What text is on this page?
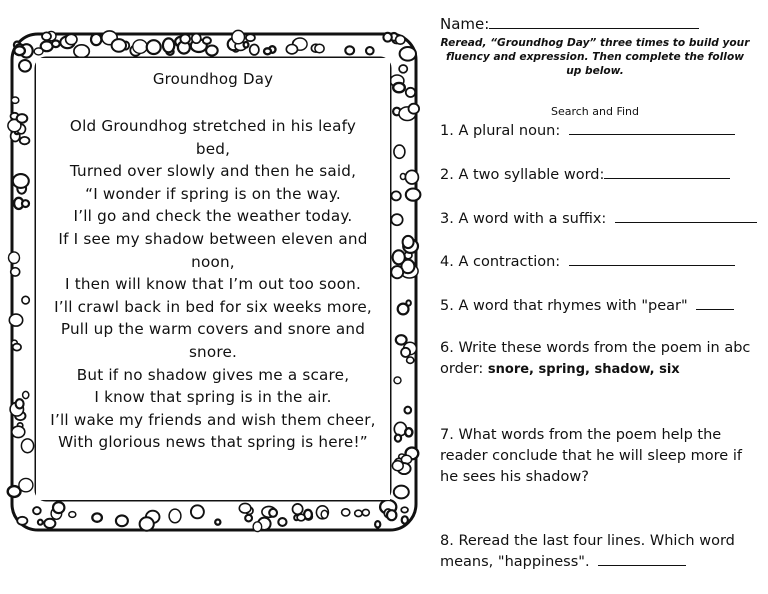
Groundhog Day
Old Groundhog stretched in his leafy
bed,
Turned over slowly and then he said,
“I wonder if spring is on the way.
I’ll go and check the weather today.
If I see my shadow between eleven and
noon,
I then will know that I’m out too soon.
I’ll crawl back in bed for six weeks more,
Pull up the warm covers and snore and
snore.
But if no shadow gives me a scare,
I know that spring is in the air.
I’ll wake my friends and wish them cheer,
With glorious news that spring is here!”
Name:
Reread, “Groundhog Day” three times to build your fluency and expression. Then complete the follow up below.
Search and Find
1. A plural noun:
2. A two syllable word:
3. A word with a suffix:
4. A contraction:
5. A word that rhymes with "pear"
6. Write these words from the poem in abc order: snore, spring, shadow, six
7. What words from the poem help the reader conclude that he will sleep more if he sees his shadow?
8. Reread the last four lines. Which word means, "happiness".
